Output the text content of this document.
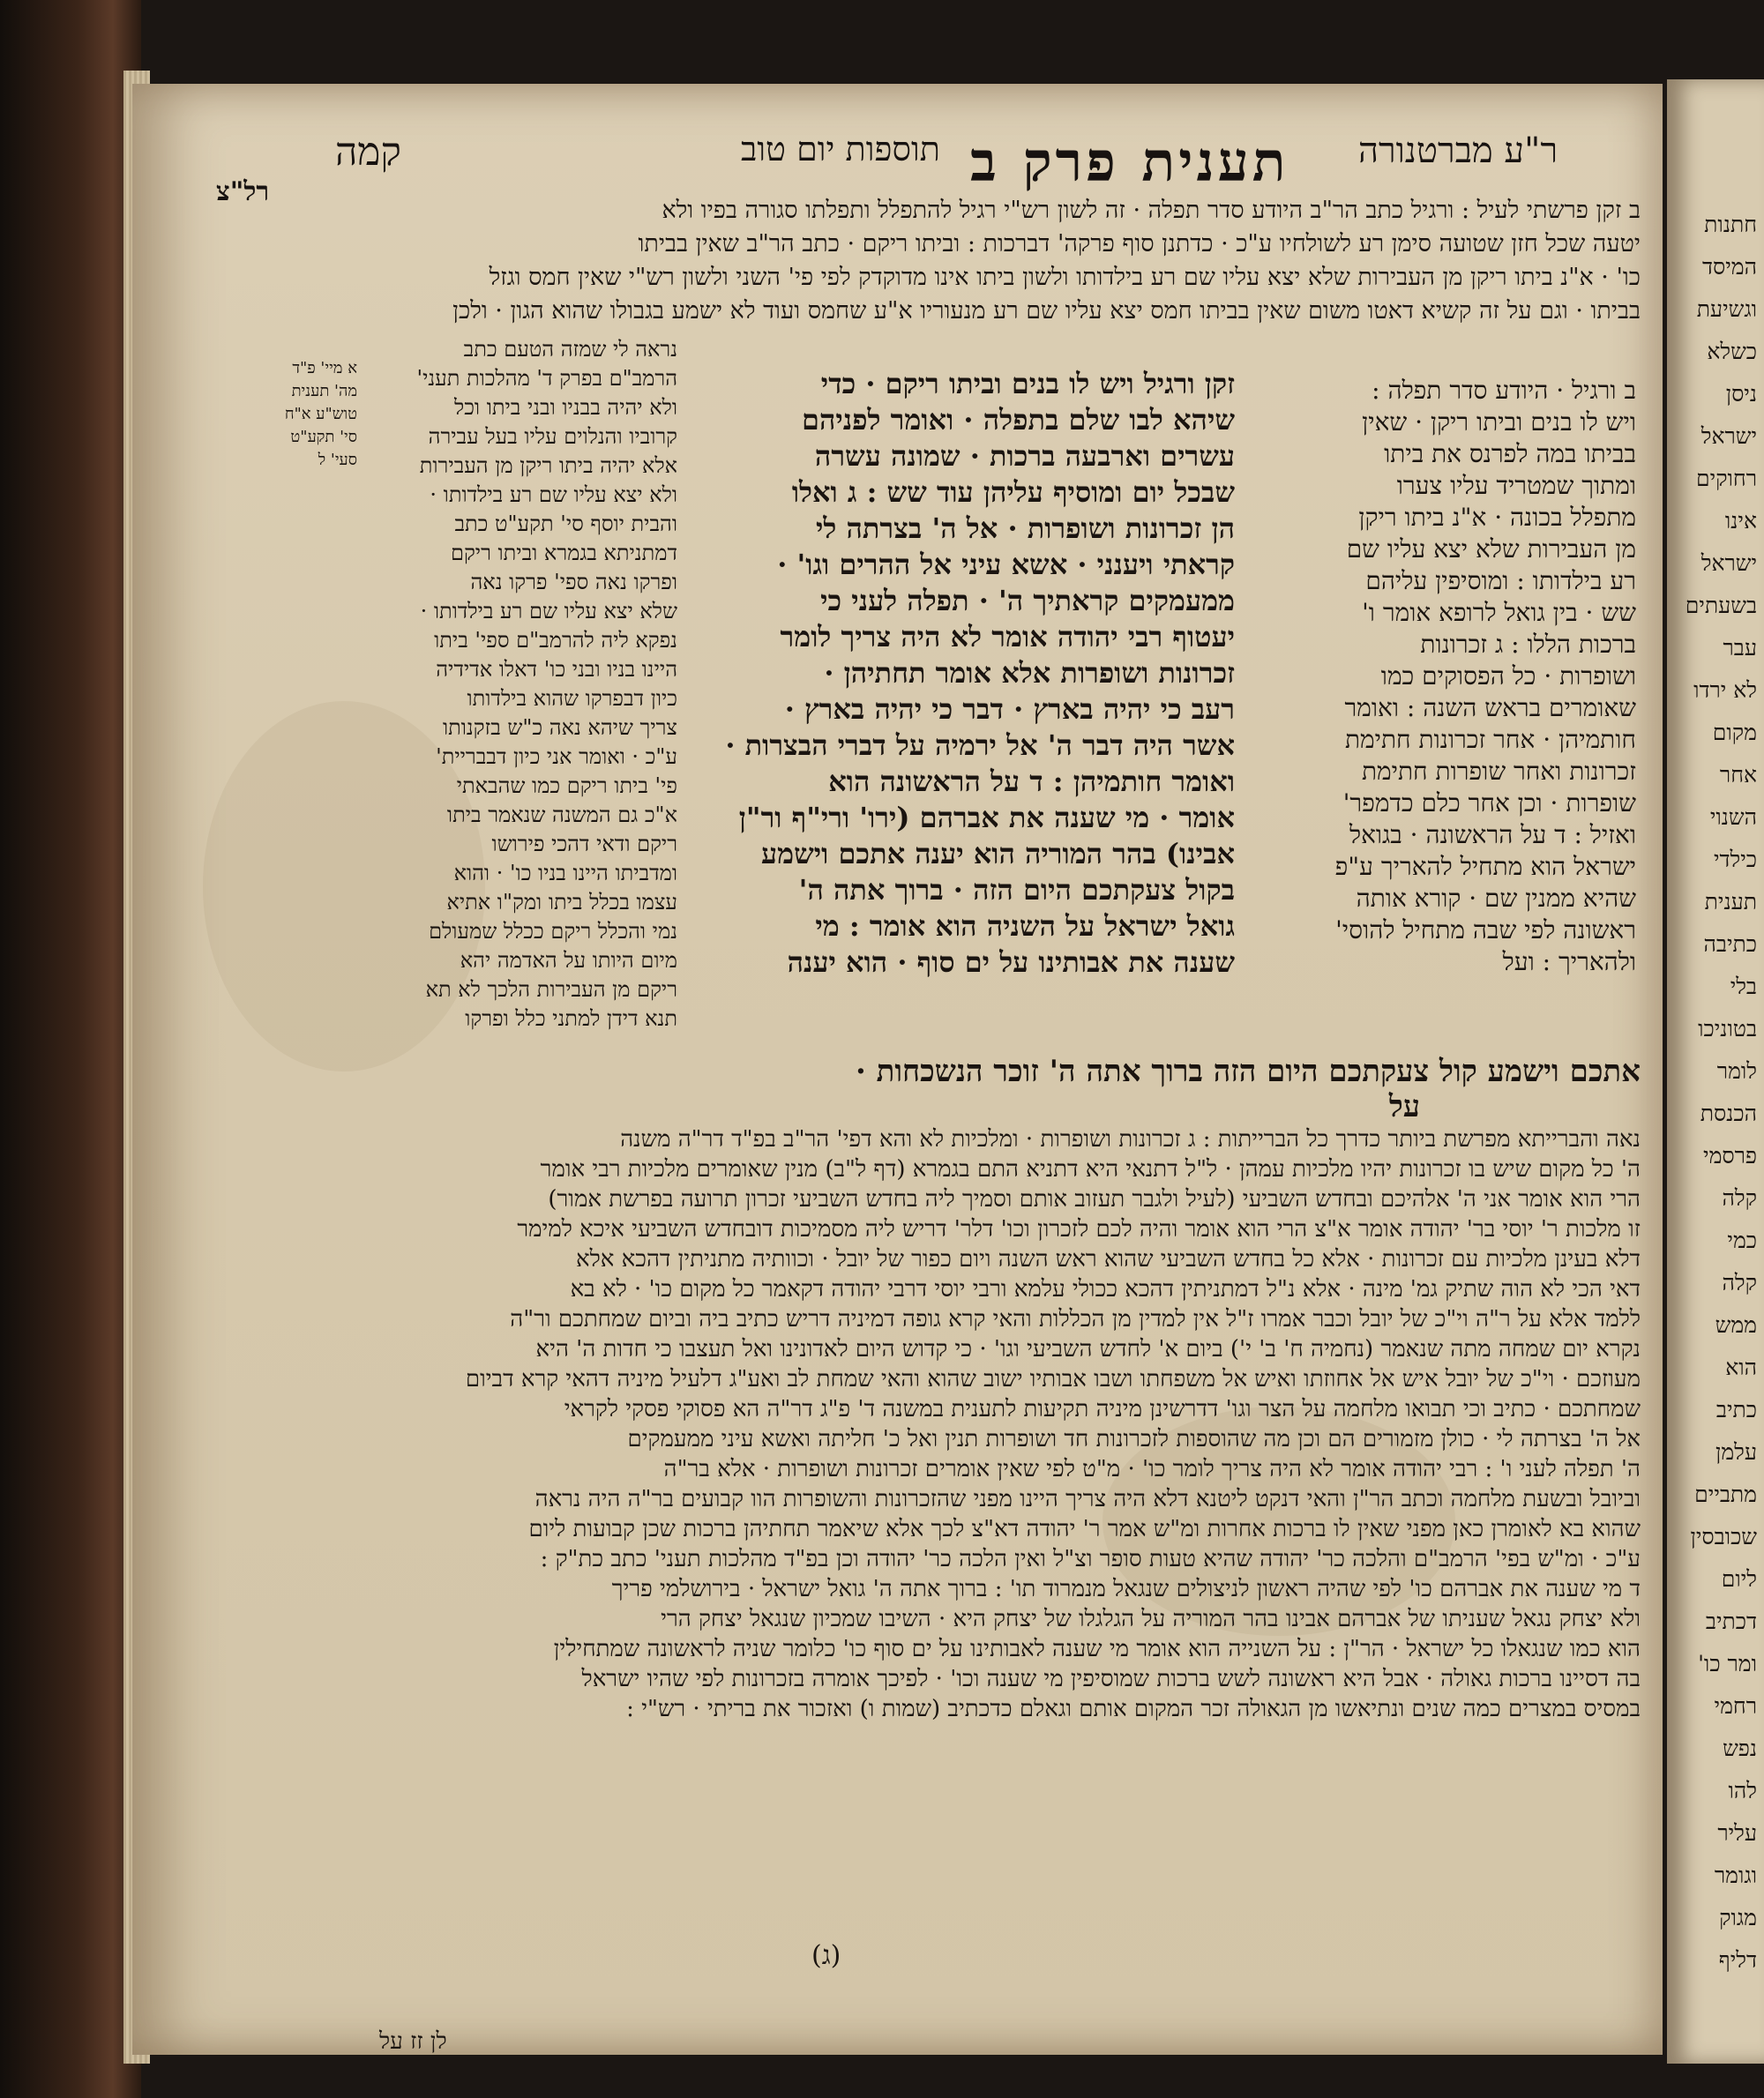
קמה	תוספות יום טוב תענית פרק ב ר"ע מברטנורה
רל"צ
ב זקן פרשתי לעיל : ורגיל כתב הר"ב היודע סדר תפלה · זה לשון רש"י רגיל להתפלל ותפלתו סגורה בפיו ולא
יטעה שכל חזן שטועה סימן רע לשולחיו ע"כ · כדתנן סוף פרקה' דברכות : וביתו ריקם · כתב הר"ב שאין בביתו
כו' · א"נ ביתו ריקן מן העבירות שלא יצא עליו שם רע בילדותו ולשון ביתו אינו מדוקדק לפי פי' השני ולשון רש"י שאין חמס וגזל
בביתו · וגם על זה קשיא דאטו משום שאין בביתו חמס יצא עליו שם רע מנעוריו א"ע שחמס ועוד לא ישמע בגבולו שהוא הגון · ולכן
א מיי' פ"ד
מה' תענית
טוש"ע א"ח
סי' תקע"ט
סעי' ל
נראה לי שמזה הטעם כתב
הרמב"ם בפרק ד' מהלכות תעני'
ולא יהיה בבניו ובני ביתו וכל
קרוביו והנלוים עליו בעל עבירה
אלא יהיה ביתו ריקן מן העבירות
ולא יצא עליו שם רע בילדותו ·
והבית יוסף סי' תקע"ט כתב
דמתניתא בגמרא וביתו ריקם
ופרקו נאה ספי' פרקו נאה
שלא יצא עליו שם רע בילדותו ·
נפקא ליה להרמב"ם ספי' ביתו
היינו בניו ובני כו' דאלו אדידיה
כיון דבפרקו שהוא בילדותו
צריך שיהא נאה כ"ש בזקנותו
ע"כ · ואומר אני כיון דבבריית'
פי' ביתו ריקם כמו שהבאתי
א"כ גם המשנה שנאמר ביתו
ריקם ודאי דהכי פירושו
ומדביתו היינו בניו כו' · והוא
עצמו בכלל ביתו ומק"ו אתיא
נמי והכלל ריקם ככלל שמעולם
מיום היותו על האדמה יהא
ריקם מן העבירות הלכך לא תא
תנא דידן למתני כלל ופרקו
זקן ורגיל ויש לו בנים וביתו ריקם · כדי
שיהא לבו שלם בתפלה · ואומר לפניהם
עשרים וארבעה ברכות · שמונה עשרה
שבכל יום ומוסיף עליהן עוד שש : ג ואלו
הן זכרונות ושופרות · אל ה' בצרתה לי
קראתי ויענני · אשא עיני אל ההרים וגו' ·
ממעמקים קראתיך ה' · תפלה לעני כי
יעטוף רבי יהודה אומר לא היה צריך לומר
זכרונות ושופרות אלא אומר תחתיהן ·
רעב כי יהיה בארץ · דבר כי יהיה בארץ ·
אשר היה דבר ה' אל ירמיה על דברי הבצרות ·
ואומר חותמיהן : ד על הראשונה הוא
אומר · מי שענה את אברהם (ירו' ורי"ף ור"ן
אבינו) בהר המוריה הוא יענה אתכם וישמע
בקול צעקתכם היום הזה · ברוך אתה ה'
גואל ישראל על השניה הוא אומר : מי
שענה את אבותינו על ים סוף · הוא יענה
ב ורגיל · היודע סדר תפלה :
ויש לו בנים וביתו ריקן · שאין
בביתו במה לפרנס את ביתו
ומתוך שמטריד עליו צערו
מתפלל בכונה · א"נ ביתו ריקן
מן העבירות שלא יצא עליו שם
רע בילדותו : ומוסיפין עליהם
שש · בין גואל לרופא אומר ו'
ברכות הללו : ג זכרונות
ושופרות · כל הפסוקים כמו
שאומרים בראש השנה : ואומר
חותמיהן · אחר זכרונות חתימת
זכרונות ואחר שופרות חתימת
שופרות · וכן אחר כלם כדמפר'
ואזיל : ד על הראשונה · בגואל
ישראל הוא מתחיל להאריך ע"פ
שהיא ממנין שם · קורא אותה
ראשונה לפי שבה מתחיל להוסי'
ולהאריך : ועל
אתכם וישמע קול צעקתכם היום הזה ברוך אתה ה' זוכר הנשכחות ·
על
נאה והברייתא מפרשת ביותר כדרך כל הברייתות : ג זכרונות ושופרות · ומלכיות לא והא דפי' הר"ב בפ"ד דר"ה משנה
ה' כל מקום שיש בו זכרונות יהיו מלכיות עמהן · ל"ל דתנאי היא דתניא התם בגמרא (דף ל"ב) מנין שאומרים מלכיות רבי אומר
הרי הוא אומר אני ה' אלהיכם ובחדש השביעי (לעיל ולגבר תעזוב אותם וסמיך ליה בחדש השביעי זכרון תרועה בפרשת אמור)
זו מלכות ר' יוסי בר' יהודה אומר א"צ הרי הוא אומר והיה לכם לזכרון וכו' דלר' דריש ליה מסמיכות דובחדש השביעי איכא למימר
דלא בעינן מלכיות עם זכרונות · אלא כל בחדש השביעי שהוא ראש השנה ויום כפור של יובל · וכוותיה מתניתין דהכא אלא
דאי הכי לא הוה שתיק גמ' מינה · אלא נ"ל דמתניתין דהכא ככולי עלמא ורבי יוסי דרבי יהודה דקאמר כל מקום כו' · לא בא
ללמד אלא על ר"ה וי"כ של יובל וכבר אמרו ז"ל אין למדין מן הכללות והאי קרא גופה דמיניה דריש כתיב ביה וביום שמחתכם ור"ה
נקרא יום שמחה מתה שנאמר (נחמיה ח' ב' י') ביום א' לחדש השביעי וגו' · כי קדוש היום לאדונינו ואל תעצבו כי חדות ה' היא
מעוזכם · וי"כ של יובל איש אל אחוזתו ואיש אל משפחתו ושבו אבותיו ישוב שהוא והאי שמחת לב ואע"ג דלעיל מיניה דהאי קרא דביום
שמחתכם · כתיב וכי תבואו מלחמה על הצר וגו' דדרשינן מיניה תקיעות לתענית במשנה ד' פ"ג דר"ה הא פסוקי פסקי לקראי
אל ה' בצרתה לי · כולן מזמורים הם וכן מה שהוספות לזכרונות חד ושופרות תנין ואל כ' חליתה ואשא עיני ממעמקים
ה' תפלה לעני ו' : רבי יהודה אומר לא היה צריך לומר כו' · מ"ט לפי שאין אומרים זכרונות ושופרות · אלא בר"ה
וביובל ובשעת מלחמה וכתב הר"ן והאי דנקט ליטנא דלא היה צריך היינו מפני שהזכרונות והשופרות הוו קבועים בר"ה היה נראה
שהוא בא לאומרן כאן מפני שאין לו ברכות אחרות ומ"ש אמר ר' יהודה דא"צ לכך אלא שיאמר תחתיהן ברכות שכן קבועות ליום
ע"כ · ומ"ש בפי' הרמב"ם והלכה כר' יהודה שהיא טעות סופר וצ"ל ואין הלכה כר' יהודה וכן בפ"ד מהלכות תעני' כתב כת"ק :
ד מי שענה את אברהם כו' לפי שהיה ראשון לניצולים שנגאל מנמרוד תו' : ברוך אתה ה' גואל ישראל · בירושלמי פריך
ולא יצחק נגאל שעניתו של אברהם אבינו בהר המוריה על הגלגלו של יצחק היא · השיבו שמכיון שנגאל יצחק הרי
הוא כמו שנגאלו כל ישראל · הר"ן : על השנייה הוא אומר מי שענה לאבותינו על ים סוף כו' כלומר שניה לראשונה שמתחילין
בה דסיינו ברכות גאולה · אבל היא ראשונה לשש ברכות שמוסיפין מי שענה וכו' · לפיכך אומרה בזכרונות לפי שהיו ישראל
במסיס במצרים כמה שנים ונתיאשו מן הגאולה זכר המקום אותם וגאלם כדכתיב (שמות ו) ואזכור את בריתי · רש"י :
לן זז על
(ג)
חתנות
המיסד
וגשיעת
כשלא
ניסן
ישראל
רחוקים
אינו
ישראל
בשעתים
עבר
לא ירדו
מקום
אחר
השנוי
כילדי
תענית
כתיבה
בלי
בטוניכו
לומר
הכנסת
פרסמי
קלה
כמי
קלה
ממש
הוא
כתיב
עלמן
מתביים
שכובסין
ליום
דכתיב
ומר כו'
רחמי
נפש
להו
עליר
וגומר
מגוק
דליף
